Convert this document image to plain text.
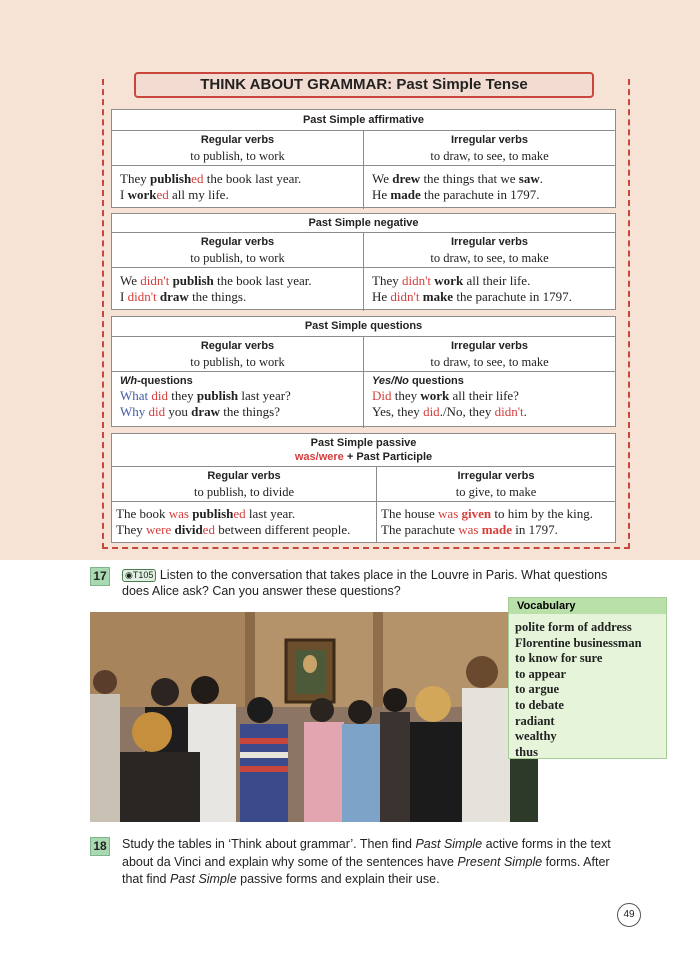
THINK ABOUT GRAMMAR: Past Simple Tense
Past Simple affirmative
Regular verbs
to publish, to work
Irregular verbs
to draw, to see, to make
They published the book last year.
I worked all my life.
We drew the things that we saw.
He made the parachute in 1797.
Past Simple negative
Regular verbs
to publish, to work
Irregular verbs
to draw, to see, to make
We didn't publish the book last year.
I didn't draw the things.
They didn't work all their life.
He didn't make the parachute in 1797.
Past Simple questions
Regular verbs
to publish, to work
Irregular verbs
to draw, to see, to make
Wh-questions
What did they publish last year?
Why did you draw the things?
Yes/No questions
Did they work all their life?
Yes, they did./No, they didn't.
Past Simple passive
was/were + Past Participle
Regular verbs
to publish, to divide
Irregular verbs
to give, to make
The book was published last year.
They were divided between different people.
The house was given to him by the king.
The parachute was made in 1797.
17	◉T105 Listen to the conversation that takes place in the Louvre in Paris. What questions
does Alice ask? Can you answer these questions?
Vocabulary
polite form of address
Florentine businessman
to know for sure
to appear
to argue
to debate
radiant
wealthy
thus
18 Study the tables in ‘Think about grammar’. Then find Past Simple active forms in the text
about da Vinci and explain why some of the sentences have Present Simple forms. After
that find Past Simple passive forms and explain their use.
49
